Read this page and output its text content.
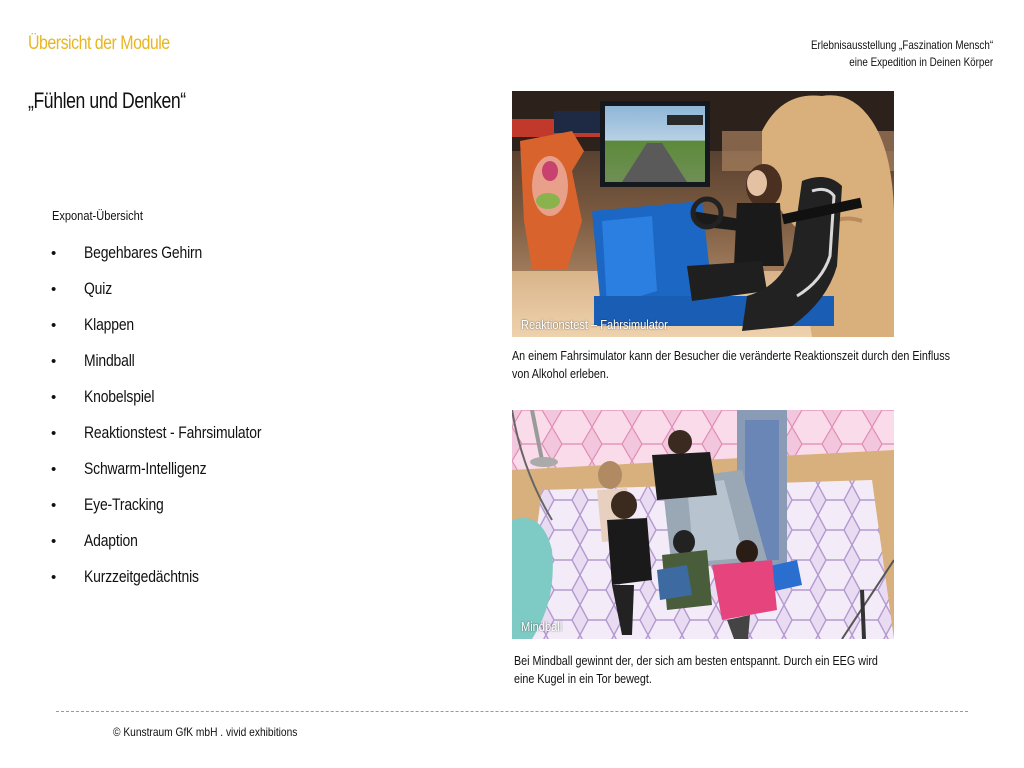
Übersicht der Module	Erlebnisausstellung „Faszination Mensch“
eine Expedition in Deinen Körper
„Fühlen und Denken“
Exponat-Übersicht
•	Begehbares Gehirn
•	Quiz
•	Klappen
•	Mindball
•	Knobelspiel
•	Reaktionstest - Fahrsimulator
•	Schwarm-Intelligenz
•	Eye-Tracking
•	Adaption
•	Kurzzeitgedächtnis
Reaktionstest – Fahrsimulator
An einem Fahrsimulator kann der Besucher die veränderte Reaktionszeit durch den Einfluss von Alkohol erleben.
Mindball
Bei Mindball gewinnt der, der sich am besten entspannt. Durch ein EEG wird eine Kugel in ein Tor bewegt.
© Kunstraum GfK mbH . vivid exhibitions
